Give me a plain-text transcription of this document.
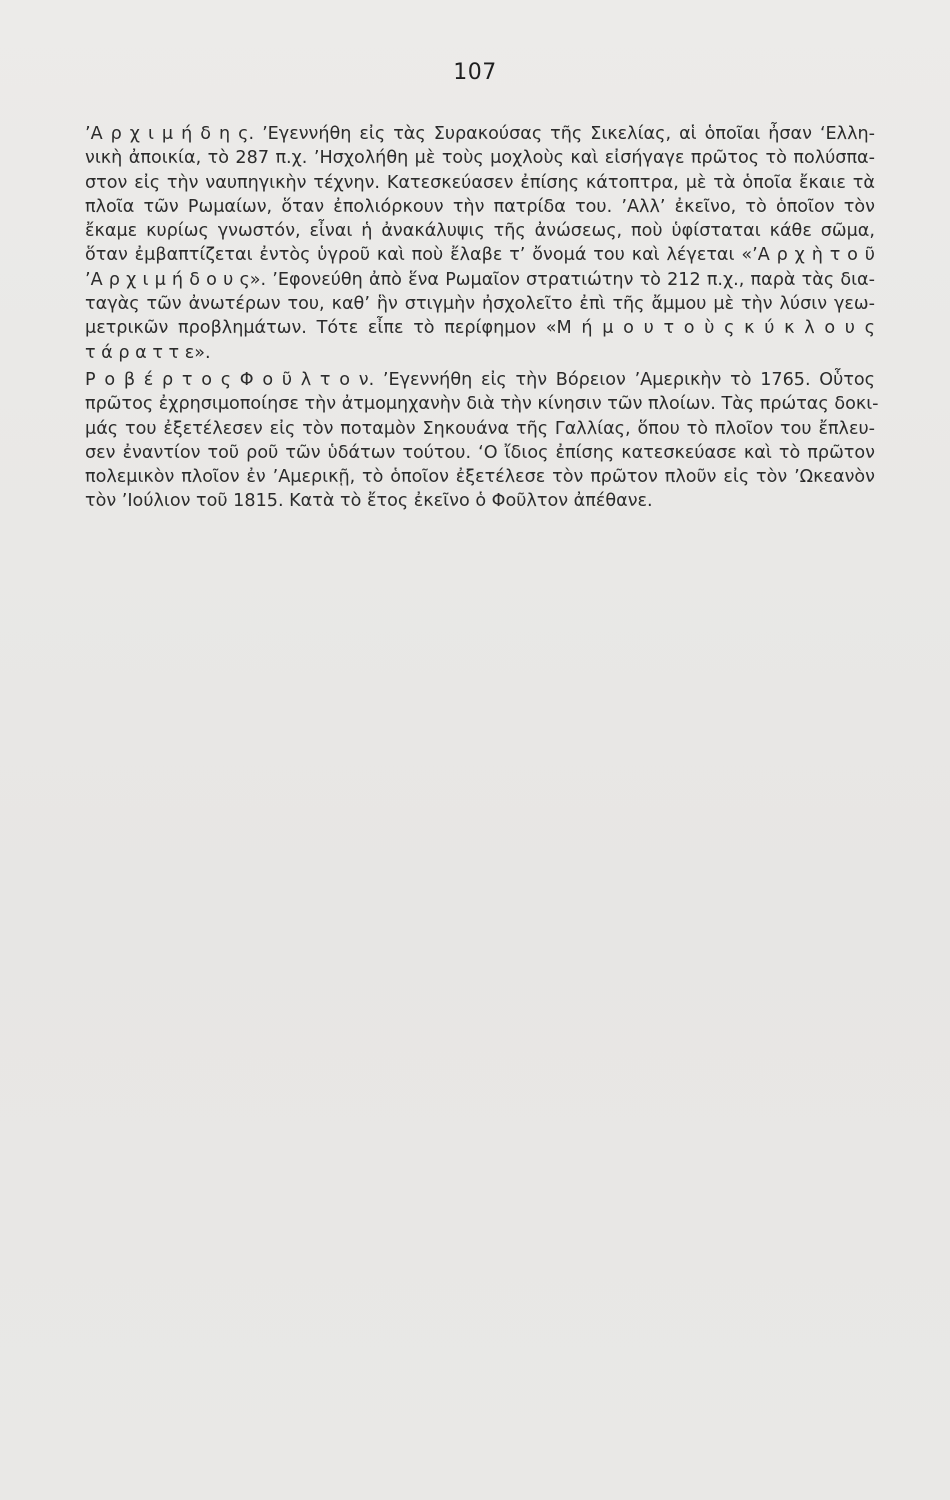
107
’Α ρ χ ι μ ή δ η ς. ’Εγεννήθη εἰς τὰς Συρακούσας τῆς Σικελίας, αἱ ὁποῖαι ἦσαν ‘Ελλη-
νικὴ ἀποικία, τὸ 287 π.χ. ’Ησχολήθη μὲ τοὺς μοχλοὺς καὶ εἰσήγαγε πρῶτος τὸ πολύσπα-
στον εἰς τὴν ναυπηγικὴν τέχνην. Κατεσκεύασεν ἐπίσης κάτοπτρα, μὲ τὰ ὁποῖα ἔκαιε τὰ
πλοῖα τῶν Ρωμαίων, ὅταν ἐπολιόρκουν τὴν πατρίδα του. ’Αλλ’ ἐκεῖνο, τὸ ὁποῖον τὸν
ἔκαμε κυρίως γνωστόν, εἶναι ἡ ἀνακάλυψις τῆς ἀνώσεως, ποὺ ὑφίσταται κάθε σῶμα,
ὅταν ἐμβαπτίζεται ἐντὸς ὑγροῦ καὶ ποὺ ἔλαβε τ’ ὄνομά του καὶ λέγεται «’Α ρ χ ὴ τ ο ῦ
’Α ρ χ ι μ ή δ ο υ ς». ’Εφονεύθη ἀπὸ ἕνα Ρωμαῖον στρατιώτην τὸ 212 π.χ., παρὰ τὰς δια-
ταγὰς τῶν ἀνωτέρων του, καθ’ ἣν στιγμὴν ἠσχολεῖτο ἐπὶ τῆς ἄμμου μὲ τὴν λύσιν γεω-
μετρικῶν προβλημάτων. Τότε εἶπε τὸ περίφημον «Μ ή μ ο υ τ ο ὺ ς κ ύ κ λ ο υ ς
τ ά ρ α τ τ ε».
Ρ ο β έ ρ τ ο ς Φ ο ῦ λ τ ο ν. ’Εγεννήθη εἰς τὴν Βόρειον ’Αμερικὴν τὸ 1765. Οὗτος
πρῶτος ἐχρησιμοποίησε τὴν ἀτμομηχανὴν διὰ τὴν κίνησιν τῶν πλοίων. Τὰς πρώτας δοκι-
μάς του ἐξετέλεσεν εἰς τὸν ποταμὸν Σηκουάνα τῆς Γαλλίας, ὅπου τὸ πλοῖον του ἔπλευ-
σεν ἐναντίον τοῦ ροῦ τῶν ὑδάτων τούτου. ‘Ο ἴδιος ἐπίσης κατεσκεύασε καὶ τὸ πρῶτον
πολεμικὸν πλοῖον ἐν ’Αμερικῇ, τὸ ὁποῖον ἐξετέλεσε τὸν πρῶτον πλοῦν εἰς τὸν ’Ωκεανὸν
τὸν ’Ιούλιον τοῦ 1815. Κατὰ τὸ ἔτος ἐκεῖνο ὁ Φοῦλτον ἀπέθανε.
